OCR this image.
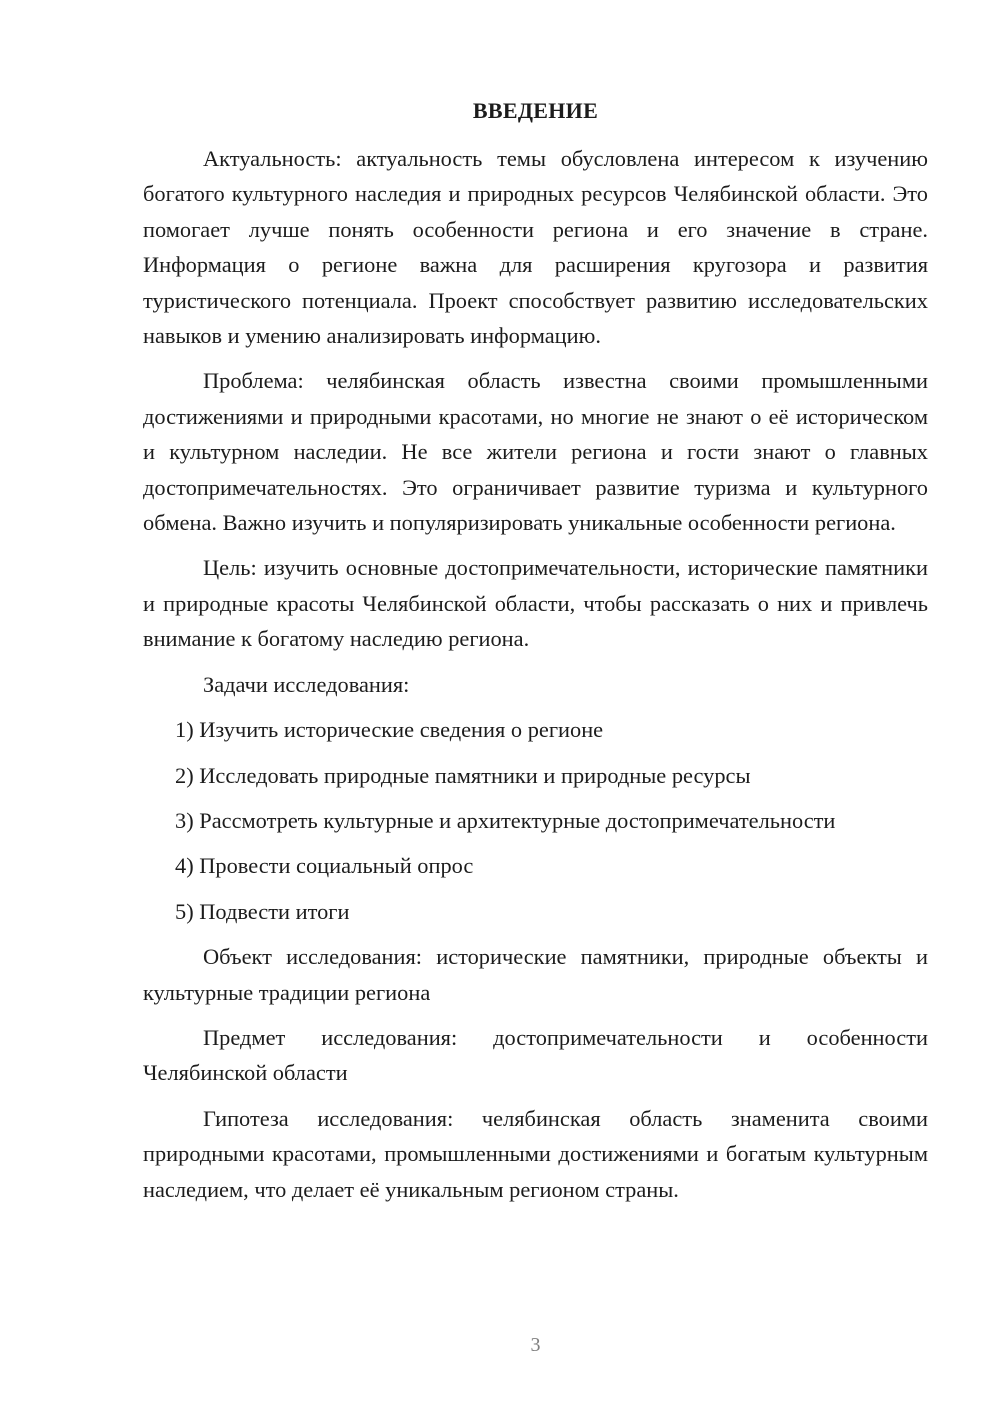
ВВЕДЕНИЕ

Актуальность: актуальность темы обусловлена интересом к изучению богатого культурного наследия и природных ресурсов Челябинской области. Это помогает лучше понять особенности региона и его значение в стране. Информация о регионе важна для расширения кругозора и развития туристического потенциала. Проект способствует развитию исследовательских навыков и умению анализировать информацию.

Проблема: челябинская область известна своими промышленными достижениями и природными красотами, но многие не знают о её историческом и культурном наследии. Не все жители региона и гости знают о главных достопримечательностях. Это ограничивает развитие туризма и культурного обмена. Важно изучить и популяризировать уникальные особенности региона.

Цель: изучить основные достопримечательности, исторические памятники и природные красоты Челябинской области, чтобы рассказать о них и привлечь внимание к богатому наследию региона.

Задачи исследования:

1) Изучить исторические сведения о регионе

2) Исследовать природные памятники и природные ресурсы

3) Рассмотреть культурные и архитектурные достопримечательности

4) Провести социальный опрос

5) Подвести итоги

Объект исследования: исторические памятники, природные объекты и культурные традиции региона

Предмет исследования: достопримечательности и особенности Челябинской области

Гипотеза исследования: челябинская область знаменита своими природными красотами, промышленными достижениями и богатым культурным наследием, что делает её уникальным регионом страны.

3
